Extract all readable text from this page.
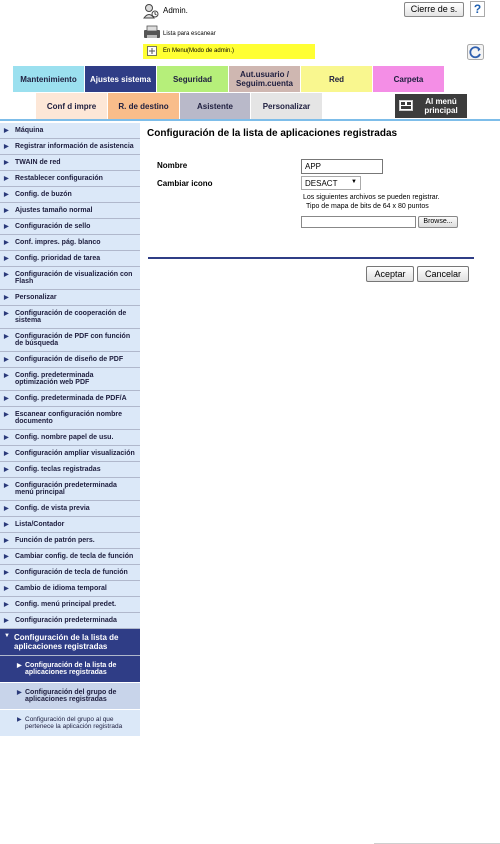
Admin.	Cierre de s.	?
Lista para escanear
En Menu(Modo de admin.)
Mantenimiento	Ajustes sistema	Seguridad	Aut.usuario / Seguim.cuenta	Red	Carpeta
Conf d impre	R. de destino	Asistente	Personalizar	Al menú principal
▶ Máquina
▶ Registrar información de asistencia
▶ TWAIN de red
▶ Restablecer configuración
▶ Config. de buzón
▶ Ajustes tamaño normal
▶ Configuración de sello
▶ Conf. impres. pág. blanco
▶ Config. prioridad de tarea
▶ Configuración de visualización con Flash
▶ Personalizar
▶ Configuración de cooperación de sistema
▶ Configuración de PDF con función de búsqueda
▶ Configuración de diseño de PDF
▶ Config. predeterminada optimización web PDF
▶ Config. predeterminada de PDF/A
▶ Escanear configuración nombre documento
▶ Config. nombre papel de usu.
▶ Configuración ampliar visualización
▶ Config. teclas registradas
▶ Configuración predeterminada menú principal
▶ Config. de vista previa
▶ Lista/Contador
▶ Función de patrón pers.
▶ Cambiar config. de tecla de función
▶ Configuración de tecla de función
▶ Cambio de idioma temporal
▶ Config. menú principal predet.
▶ Configuración predeterminada
▼ Configuración de la lista de aplicaciones registradas
▶ Configuración de la lista de aplicaciones registradas
▶ Configuración del grupo de aplicaciones registradas
▶ Configuración del grupo al que pertenece la aplicación registrada
Configuración de la lista de aplicaciones registradas
Nombre	APP
Cambiar icono	DESACT ▼
Los siguientes archivos se pueden registrar.
Tipo de mapa de bits de 64 x 80 puntos
Browse...
Aceptar	Cancelar
